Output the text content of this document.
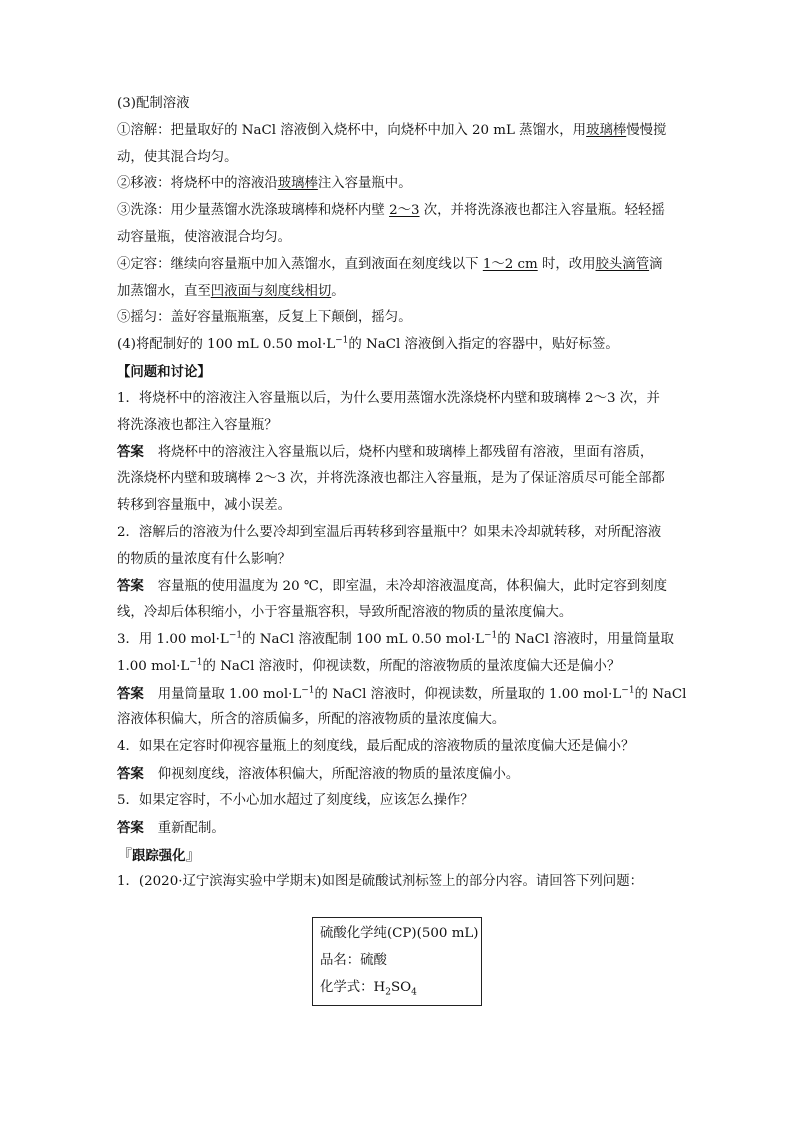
(3)配制溶液
①溶解：把量取好的 NaCl 溶液倒入烧杯中，向烧杯中加入 20 mL 蒸馏水，用玻璃棒慢慢搅
动，使其混合均匀。
②移液：将烧杯中的溶液沿玻璃棒注入容量瓶中。
③洗涤：用少量蒸馏水洗涤玻璃棒和烧杯内壁 2～3 次，并将洗涤液也都注入容量瓶。轻轻摇
动容量瓶，使溶液混合均匀。
④定容：继续向容量瓶中加入蒸馏水，直到液面在刻度线以下 1～2 cm 时，改用胶头滴管滴
加蒸馏水，直至凹液面与刻度线相切。
⑤摇匀：盖好容量瓶瓶塞，反复上下颠倒，摇匀。
(4)将配制好的 100 mL 0.50 $mol\cdot L^{-1}$的 NaCl 溶液倒入指定的容器中，贴好标签。
【问题和讨论】
1．将烧杯中的溶液注入容量瓶以后，为什么要用蒸馏水洗涤烧杯内壁和玻璃棒 2～3 次，并
将洗涤液也都注入容量瓶？
答案 将烧杯中的溶液注入容量瓶以后，烧杯内壁和玻璃棒上都残留有溶液，里面有溶质，
洗涤烧杯内壁和玻璃棒 2～3 次，并将洗涤液也都注入容量瓶，是为了保证溶质尽可能全部都
转移到容量瓶中，减小误差。
2．溶解后的溶液为什么要冷却到室温后再转移到容量瓶中？如果未冷却就转移，对所配溶液
的物质的量浓度有什么影响？
答案 容量瓶的使用温度为 20 ℃，即室温，未冷却溶液温度高，体积偏大，此时定容到刻度
线，冷却后体积缩小，小于容量瓶容积，导致所配溶液的物质的量浓度偏大。
3．用 1.00 $mol\cdot L^{-1}$的 NaCl 溶液配制 100 mL 0.50 $mol\cdot L^{-1}$的 NaCl 溶液时，用量筒量取
1.00 $mol\cdot L^{-1}$的 NaCl 溶液时，仰视读数，所配的溶液物质的量浓度偏大还是偏小？
答案 用量筒量取 1.00 $mol\cdot L^{-1}$的 NaCl 溶液时，仰视读数，所量取的 1.00 $mol\cdot L^{-1}$的 NaCl
溶液体积偏大，所含的溶质偏多，所配的溶液物质的量浓度偏大。
4．如果在定容时仰视容量瓶上的刻度线，最后配成的溶液物质的量浓度偏大还是偏小？
答案 仰视刻度线，溶液体积偏大，所配溶液的物质的量浓度偏小。
5．如果定容时，不小心加水超过了刻度线，应该怎么操作？
答案 重新配制。
『跟踪强化』
1．(2020·辽宁滨海实验中学期末)如图是硫酸试剂标签上的部分内容。请回答下列问题：
硫酸化学纯(CP)(500 mL)
品名：硫酸
化学式：$H_2SO_4$
